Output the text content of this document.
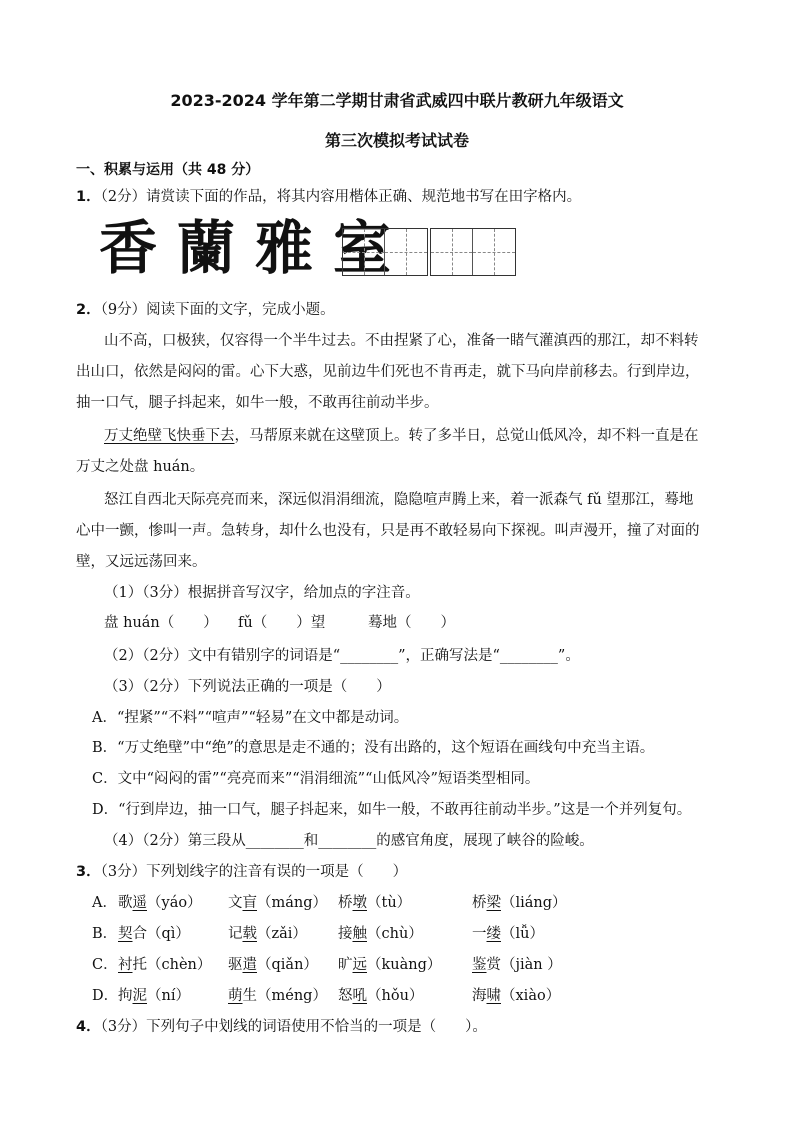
2023-2024 学年第二学期甘肃省武威四中联片教研九年级语文
第三次模拟考试试卷
一、积累与运用（共 48 分）
1．（2分）请赏读下面的作品，将其内容用楷体正确、规范地书写在田字格内。
香 蘭 雅 室
2．（9分）阅读下面的文字，完成小题。
山不高，口极狭，仅容得一个半牛过去。不由捏紧了心，准备一睹气灌滇西的那江，却不料转
出山口，依然是闷闷的雷。心下大惑，见前边牛们死也不肯再走，就下马向岸前移去。行到岸边，
抽一口气，腿子抖起来，如牛一般，不敢再往前动半步。
万丈绝壁飞快垂下去，马帮原来就在这壁顶上。转了多半日，总觉山低风冷，却不料一直是在
万丈之处盘 huán。
怒江自西北天际亮亮而来，深远似涓涓细流，隐隐喧声腾上来，着一派森气 fǔ 望那江，蓦地
心中一颤，惨叫一声。急转身，却什么也没有，只是再不敢轻易向下探视。叫声漫开，撞了对面的
壁，又远远荡回来。
（1）（3分）根据拼音写汉字，给加点的字注音。
盘 huán（　　） fǔ（　　）望	蓦地（　　）
（2）（2分）文中有错别字的词语是“________”，正确写法是“________”。
（3）（2分）下列说法正确的一项是（　　）
A．“捏紧”“不料”“喧声”“轻易”在文中都是动词。
B．“万丈绝壁”中“绝”的意思是走不通的；没有出路的，这个短语在画线句中充当主语。
C．文中“闷闷的雷”“亮亮而来”“涓涓细流”“山低风冷”短语类型相同。
D．“行到岸边，抽一口气，腿子抖起来，如牛一般，不敢再往前动半步。”这是一个并列复句。
（4）（2分）第三段从________和________的感官角度，展现了峡谷的险峻。
3．（3分）下列划线字的注音有误的一项是（　　）
A． 歌遥（yáo） 文盲（máng） 桥墩（tù）	桥梁（liáng）
B． 契合（qì）	记载（zǎi） 接触（chù）	一缕（lǚ）
C． 衬托（chèn） 驱遣（qiǎn） 旷远（kuàng） 鉴赏（jiàn ）
D． 拘泥（ní）	萌生（méng） 怒吼（hǒu）	海啸（xiào）
4．（3分）下列句子中划线的词语使用不恰当的一项是（　　）。
